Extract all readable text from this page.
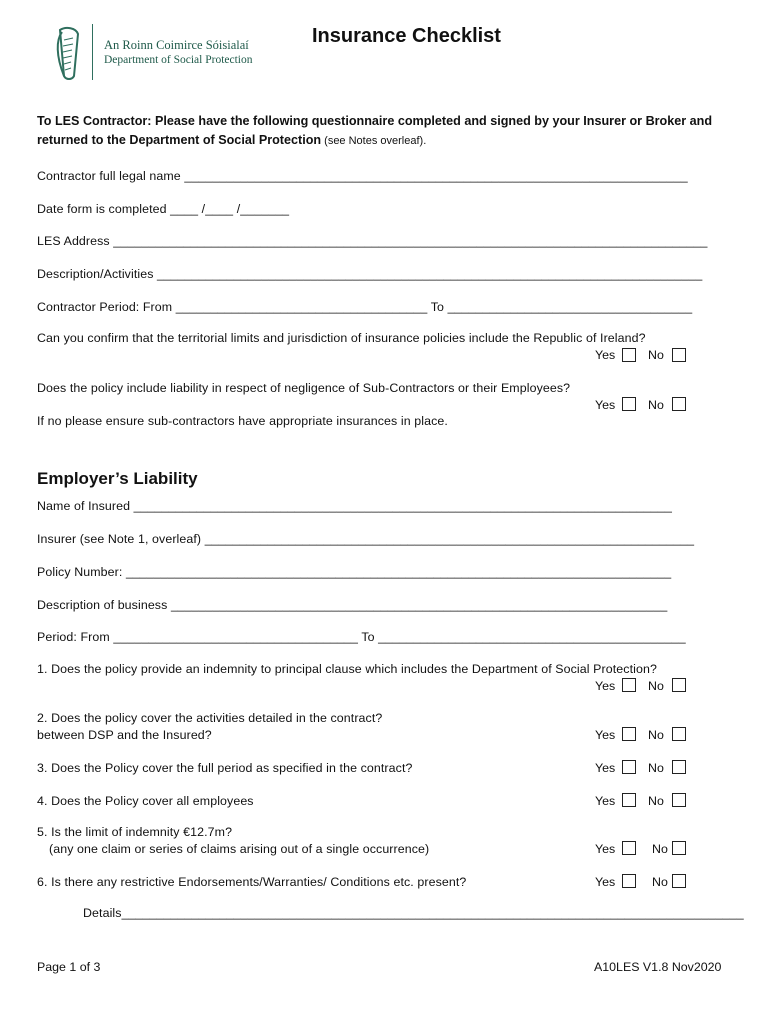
An Roinn Coimirce Sóisialaí
Department of Social Protection
Insurance Checklist
To LES Contractor: Please have the following questionnaire completed and signed by your Insurer or Broker and returned to the Department of Social Protection (see Notes overleaf).
Contractor full legal name ________________________________________________________________________
Date form is completed ____ /____ /_______
LES Address _____________________________________________________________________________________
Description/Activities ______________________________________________________________________________
Contractor Period: From ____________________________________ To ___________________________________
Can you confirm that the territorial limits and jurisdiction of insurance policies include the Republic of Ireland?
Yes	No
Does the policy include liability in respect of negligence of Sub-Contractors or their Employees?
Yes	No
If no please ensure sub-contractors have appropriate insurances in place.
Employer’s Liability
Name of Insured _____________________________________________________________________________
Insurer (see Note 1, overleaf) ______________________________________________________________________
Policy Number: ______________________________________________________________________________
Description of business _______________________________________________________________________
Period: From ___________________________________ To ____________________________________________
1. Does the policy provide an indemnity to principal clause which includes the Department of Social Protection?
Yes	No
2. Does the policy cover the activities detailed in the contract?
between DSP and the Insured?	Yes	No
3. Does the Policy cover the full period as specified in the contract?	Yes	No
4. Does the Policy cover all employees	Yes	No
5. Is the limit of indemnity €12.7m?
(any one claim or series of claims arising out of a single occurrence)	Yes	No
6. Is there any restrictive Endorsements/Warranties/ Conditions etc. present?	Yes	No
Details_________________________________________________________________________________________
Page 1 of 3	A10LES V1.8 Nov2020
